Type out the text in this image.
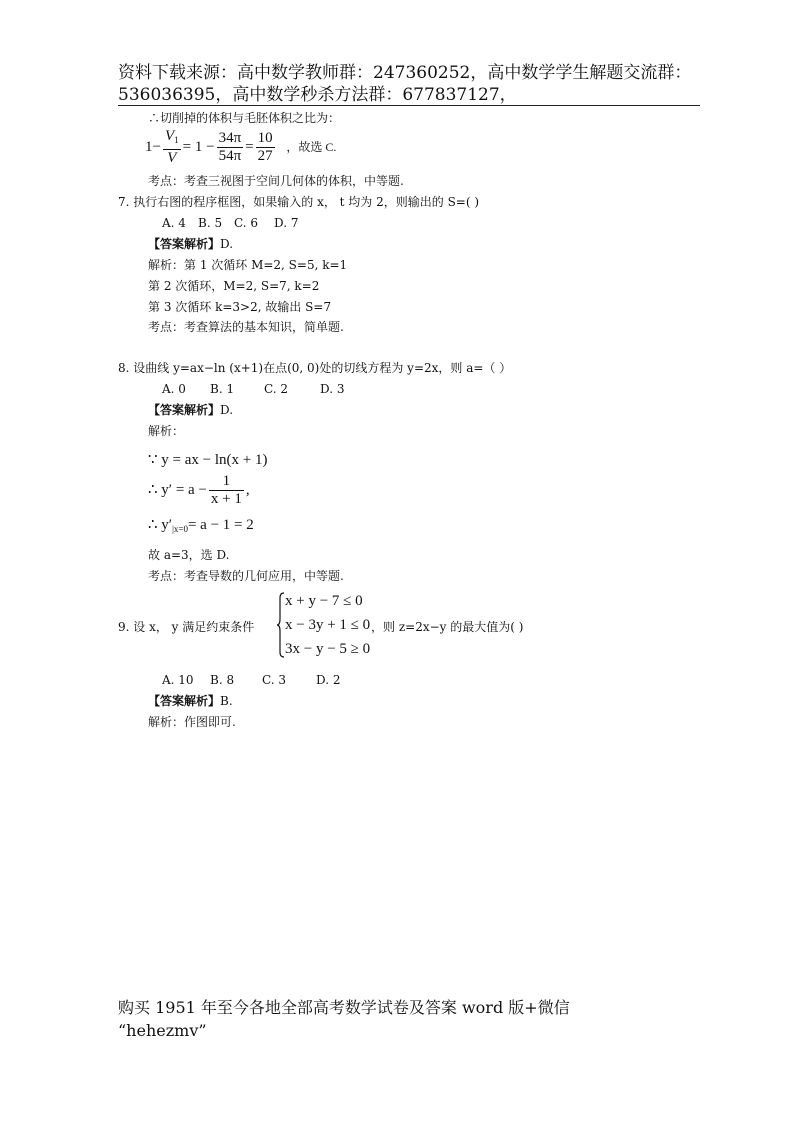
资料下载来源：高中数学教师群：247360252，高中数学学生解题交流群：
536036395，高中数学秒杀方法群：677837127，
∴切削掉的体积与毛胚体积之比为：
$1- \frac{V_1}{V} = 1 - \frac{34\pi}{54\pi} = \frac{10}{27}$ ，故选 C.
考点：考查三视图于空间几何体的体积，中等题.
7. 执行右图的程序框图，如果输入的 x， t 均为 2，则输出的 S=( )
A. 4 B. 5 C. 6 D. 7
【答案解析】D.
解析：第 1 次循环 M=2, S=5, k=1
第 2 次循环，M=2, S=7, k=2
第 3 次循环 k=3>2, 故输出 S=7
考点：考查算法的基本知识，简单题.
8. 设曲线 y=ax−ln (x+1)在点(0, 0)处的切线方程为 y=2x，则 a=（ ）
A. 0 B. 1 C. 2	D. 3
【答案解析】D.
解析：
∵ y = ax − ln(x + 1)
∴ $y' = a - \frac{1}{x + 1}$ ,
∴ $y'_{|x=0}= a - 1 = 2$
故 a=3，选 D.
考点：考查导数的几何应用，中等题.
9. 设 x， y 满足约束条件
x + y − 7 ≤ 0
x − 3y + 1 ≤ 0
3x − y − 5 ≥ 0
，则 z=2x−y 的最大值为( )
A. 10 B. 8 C. 3 D. 2
【答案解析】B.
解析：作图即可.
购买 1951 年至今各地全部高考数学试卷及答案 word 版+微信
“hehezmv”
